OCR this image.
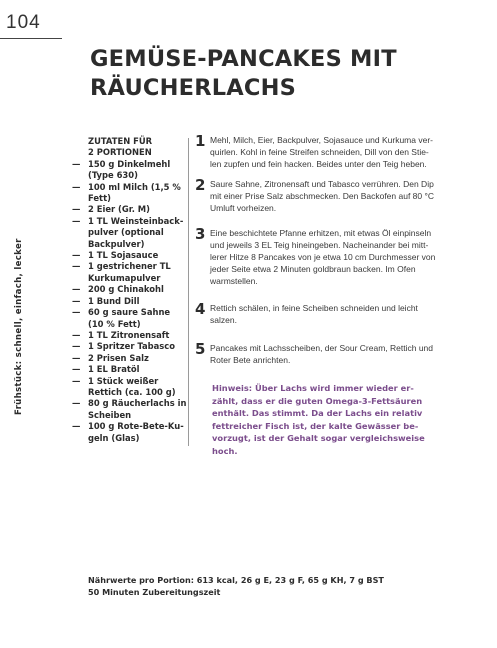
104
GEMÜSE-PANCAKES MIT
RÄUCHERLACHS
Frühstück: schnell, einfach, lecker
ZUTATEN FÜR
2 PORTIONEN
— 150 g Dinkelmehl
(Type 630)
— 100 ml Milch (1,5 %
Fett)
— 2 Eier (Gr. M)
— 1 TL Weinsteinback-
pulver (optional
Backpulver)
— 1 TL Sojasauce
— 1 gestrichener TL
Kurkumapulver
— 200 g Chinakohl
— 1 Bund Dill
— 60 g saure Sahne
(10 % Fett)
— 1 TL Zitronensaft
— 1 Spritzer Tabasco
— 2 Prisen Salz
— 1 EL Bratöl
— 1 Stück weißer
Rettich (ca. 100 g)
— 80 g Räucherlachs in
Scheiben
— 100 g Rote-Bete-Ku-
geln (Glas)
1 Mehl, Milch, Eier, Backpulver, Sojasauce und Kurkuma ver-
quirlen. Kohl in feine Streifen schneiden, Dill von den Stie-
len zupfen und fein hacken. Beides unter den Teig heben.
2 Saure Sahne, Zitronensaft und Tabasco verrühren. Den Dip
mit einer Prise Salz abschmecken. Den Backofen auf 80 °C
Umluft vorheizen.
3 Eine beschichtete Pfanne erhitzen, mit etwas Öl einpinseln
und jeweils 3 EL Teig hineingeben. Nacheinander bei mitt-
lerer Hitze 8 Pancakes von je etwa 10 cm Durchmesser von
jeder Seite etwa 2 Minuten goldbraun backen. Im Ofen
warmstellen.
4 Rettich schälen, in feine Scheiben schneiden und leicht
salzen.
5 Pancakes mit Lachsscheiben, der Sour Cream, Rettich und
Roter Bete anrichten.
Hinweis: Über Lachs wird immer wieder er-
zählt, dass er die guten Omega-3-Fettsäuren
enthält. Das stimmt. Da der Lachs ein relativ
fettreicher Fisch ist, der kalte Gewässer be-
vorzugt, ist der Gehalt sogar vergleichsweise
hoch.
Nährwerte pro Portion: 613 kcal, 26 g E, 23 g F, 65 g KH, 7 g BST
50 Minuten Zubereitungszeit
